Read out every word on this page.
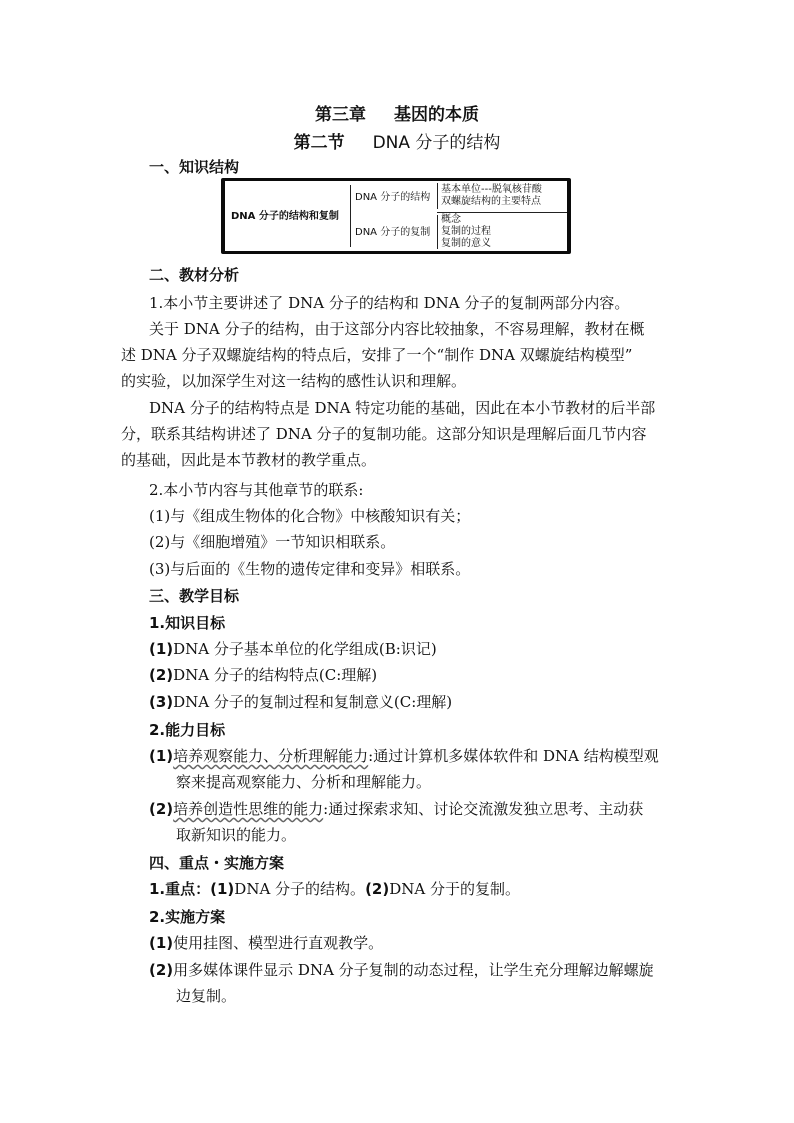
第三章 基因的本质
第二节 DNA 分子的结构
一、知识结构
DNA 分子的结构和复制
DNA 分子的结构
DNA 分子的复制
基本单位---脱氧核苷酸
双螺旋结构的主要特点
概念
复制的过程
复制的意义
二、教材分析
1.本小节主要讲述了 DNA 分子的结构和 DNA 分子的复制两部分内容。
关于 DNA 分子的结构，由于这部分内容比较抽象，不容易理解，教材在概
述 DNA 分子双螺旋结构的特点后，安排了一个“制作 DNA 双螺旋结构模型”
的实验，以加深学生对这一结构的感性认识和理解。
DNA 分子的结构特点是 DNA 特定功能的基础，因此在本小节教材的后半部
分，联系其结构讲述了 DNA 分子的复制功能。这部分知识是理解后面几节内容
的基础，因此是本节教材的教学重点。
2.本小节内容与其他章节的联系:
(1)与《组成生物体的化合物》中核酸知识有关；
(2)与《细胞增殖》一节知识相联系。
(3)与后面的《生物的遗传定律和变异》相联系。
三、教学目标
1.知识目标
(1)DNA 分子基本单位的化学组成(B:识记)
(2)DNA 分子的结构特点(C:理解)
(3)DNA 分子的复制过程和复制意义(C:理解)
2.能力目标
(1)培养观察能力、分析理解能力:通过计算机多媒体软件和 DNA 结构模型观
察来提高观察能力、分析和理解能力。
(2)培养创造性思维的能力:通过探索求知、讨论交流激发独立思考、主动获
取新知识的能力。
四、重点・实施方案
1.重点：(1)DNA 分子的结构。(2)DNA 分于的复制。
2.实施方案
(1)使用挂图、模型进行直观教学。
(2)用多媒体课件显示 DNA 分子复制的动态过程，让学生充分理解边解螺旋
边复制。
